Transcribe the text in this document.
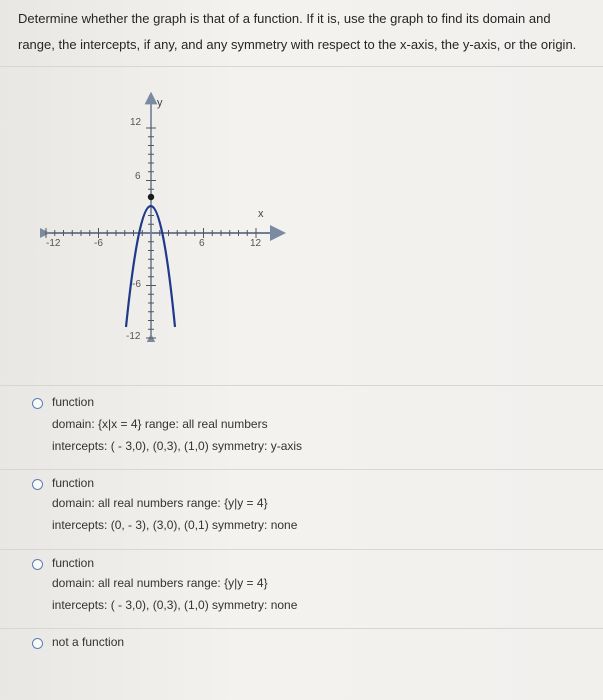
Determine whether the graph is that of a function. If it is, use the graph to find its domain and range, the intercepts, if any, and any symmetry with respect to the x-axis, the y-axis, or the origin.
-12	-6	6	12
12
6
-6
-12
y
x
function
domain: {x|x = 4} range: all real numbers
intercepts: ( - 3,0), (0,3), (1,0) symmetry: y-axis
function
domain: all real numbers range: {y|y = 4}
intercepts: (0, - 3), (3,0), (0,1) symmetry: none
function
domain: all real numbers range: {y|y = 4}
intercepts: ( - 3,0), (0,3), (1,0) symmetry: none
not a function
